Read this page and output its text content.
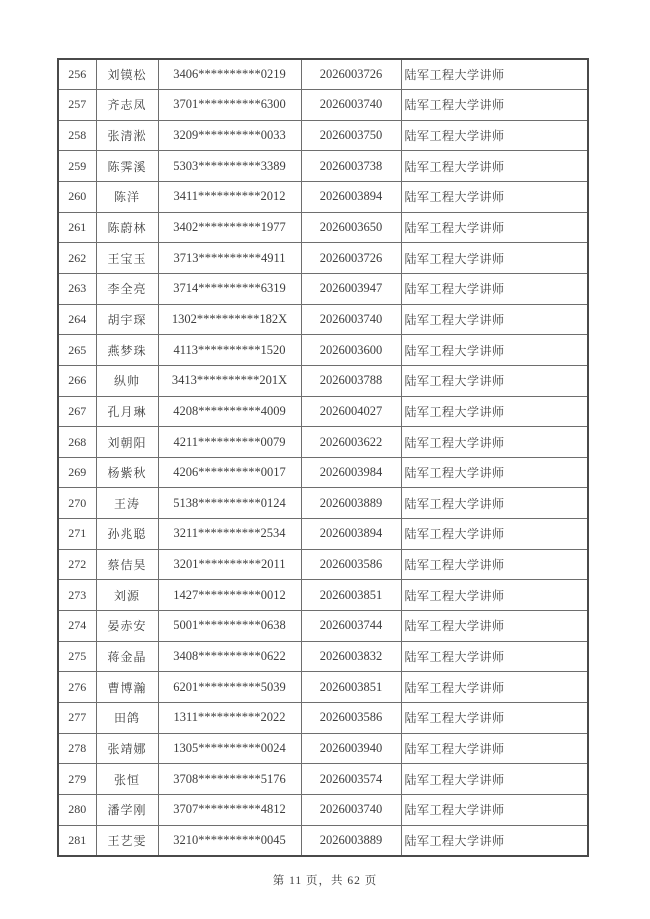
256	刘镆松	3406**********0219	2026003726	陆军工程大学讲师
257	齐志凤	3701**********6300	2026003740	陆军工程大学讲师
258	张清淞	3209**********0033	2026003750	陆军工程大学讲师
259	陈霁溪	5303**********3389	2026003738	陆军工程大学讲师
260	陈洋	3411**********2012	2026003894	陆军工程大学讲师
261	陈蔚林	3402**********1977	2026003650	陆军工程大学讲师
262	王宝玉	3713**********4911	2026003726	陆军工程大学讲师
263	李全亮	3714**********6319	2026003947	陆军工程大学讲师
264	胡宇琛	1302**********182X	2026003740	陆军工程大学讲师
265	燕梦珠	4113**********1520	2026003600	陆军工程大学讲师
266	纵帅	3413**********201X	2026003788	陆军工程大学讲师
267	孔月琳	4208**********4009	2026004027	陆军工程大学讲师
268	刘朝阳	4211**********0079	2026003622	陆军工程大学讲师
269	杨紫秋	4206**********0017	2026003984	陆军工程大学讲师
270	王涛	5138**********0124	2026003889	陆军工程大学讲师
271	孙兆聪	3211**********2534	2026003894	陆军工程大学讲师
272	蔡佶昊	3201**********2011	2026003586	陆军工程大学讲师
273	刘源	1427**********0012	2026003851	陆军工程大学讲师
274	晏赤安	5001**********0638	2026003744	陆军工程大学讲师
275	蒋金晶	3408**********0622	2026003832	陆军工程大学讲师
276	曹博瀚	6201**********5039	2026003851	陆军工程大学讲师
277	田鸽	1311**********2022	2026003586	陆军工程大学讲师
278	张靖娜	1305**********0024	2026003940	陆军工程大学讲师
279	张恒	3708**********5176	2026003574	陆军工程大学讲师
280	潘学刚	3707**********4812	2026003740	陆军工程大学讲师
281	王艺雯	3210**********0045	2026003889	陆军工程大学讲师
第 11 页，共 62 页
